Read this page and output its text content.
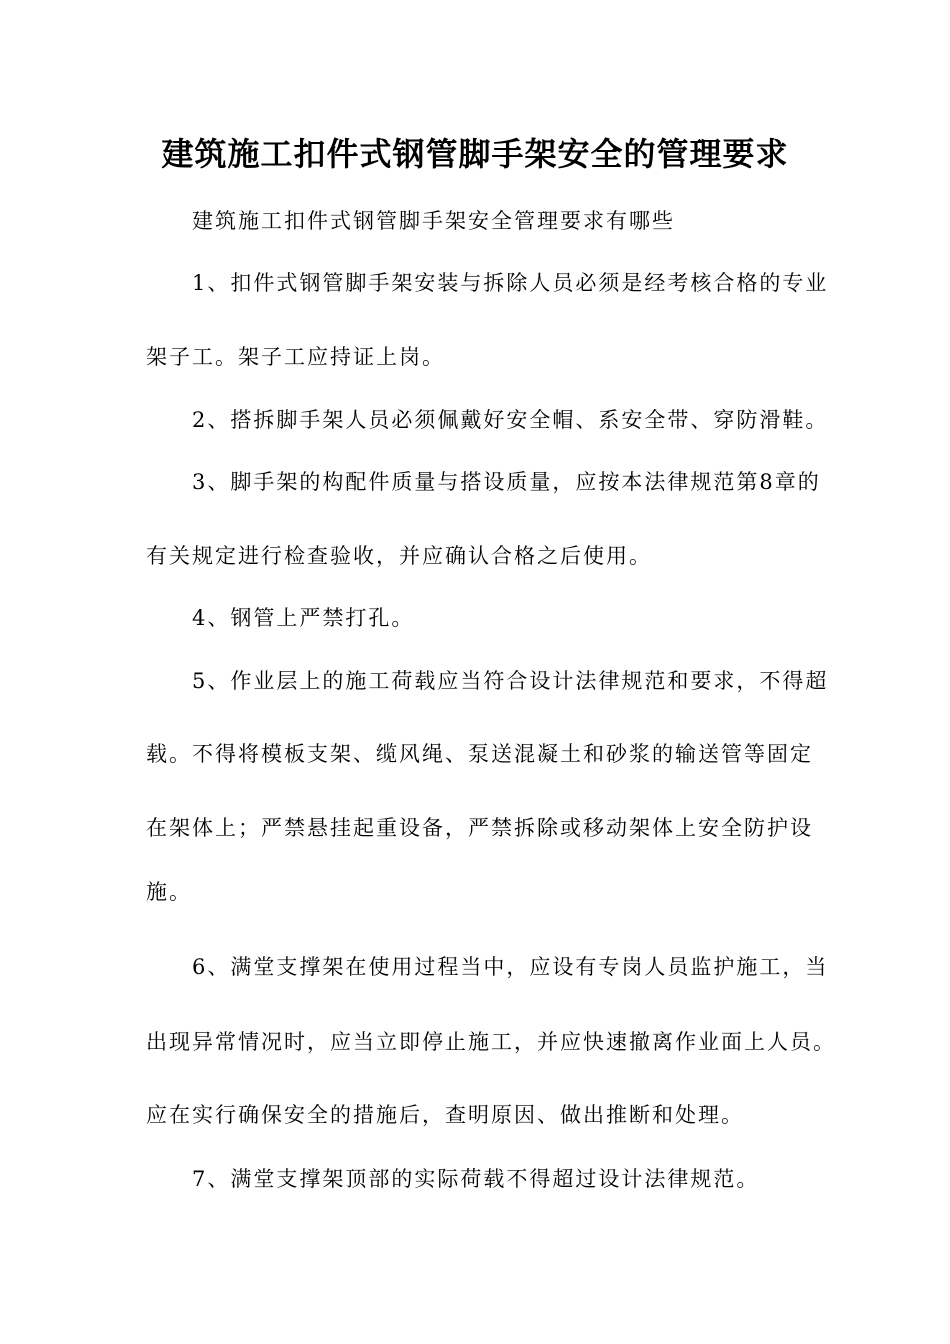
建筑施工扣件式钢管脚手架安全的管理要求

建筑施工扣件式钢管脚手架安全管理要求有哪些

1、扣件式钢管脚手架安装与拆除人员必须是经考核合格的专业

架子工。架子工应持证上岗。

2、搭拆脚手架人员必须佩戴好安全帽、系安全带、穿防滑鞋。

3、脚手架的构配件质量与搭设质量，应按本法律规范第8章的

有关规定进行检查验收，并应确认合格之后使用。

4、钢管上严禁打孔。

5、作业层上的施工荷载应当符合设计法律规范和要求，不得超

载。不得将模板支架、缆风绳、泵送混凝土和砂浆的输送管等固定

在架体上；严禁悬挂起重设备，严禁拆除或移动架体上安全防护设

施。

6、满堂支撑架在使用过程当中，应设有专岗人员监护施工，当

出现异常情况时，应当立即停止施工，并应快速撤离作业面上人员。

应在实行确保安全的措施后，查明原因、做出推断和处理。

7、满堂支撑架顶部的实际荷载不得超过设计法律规范。
